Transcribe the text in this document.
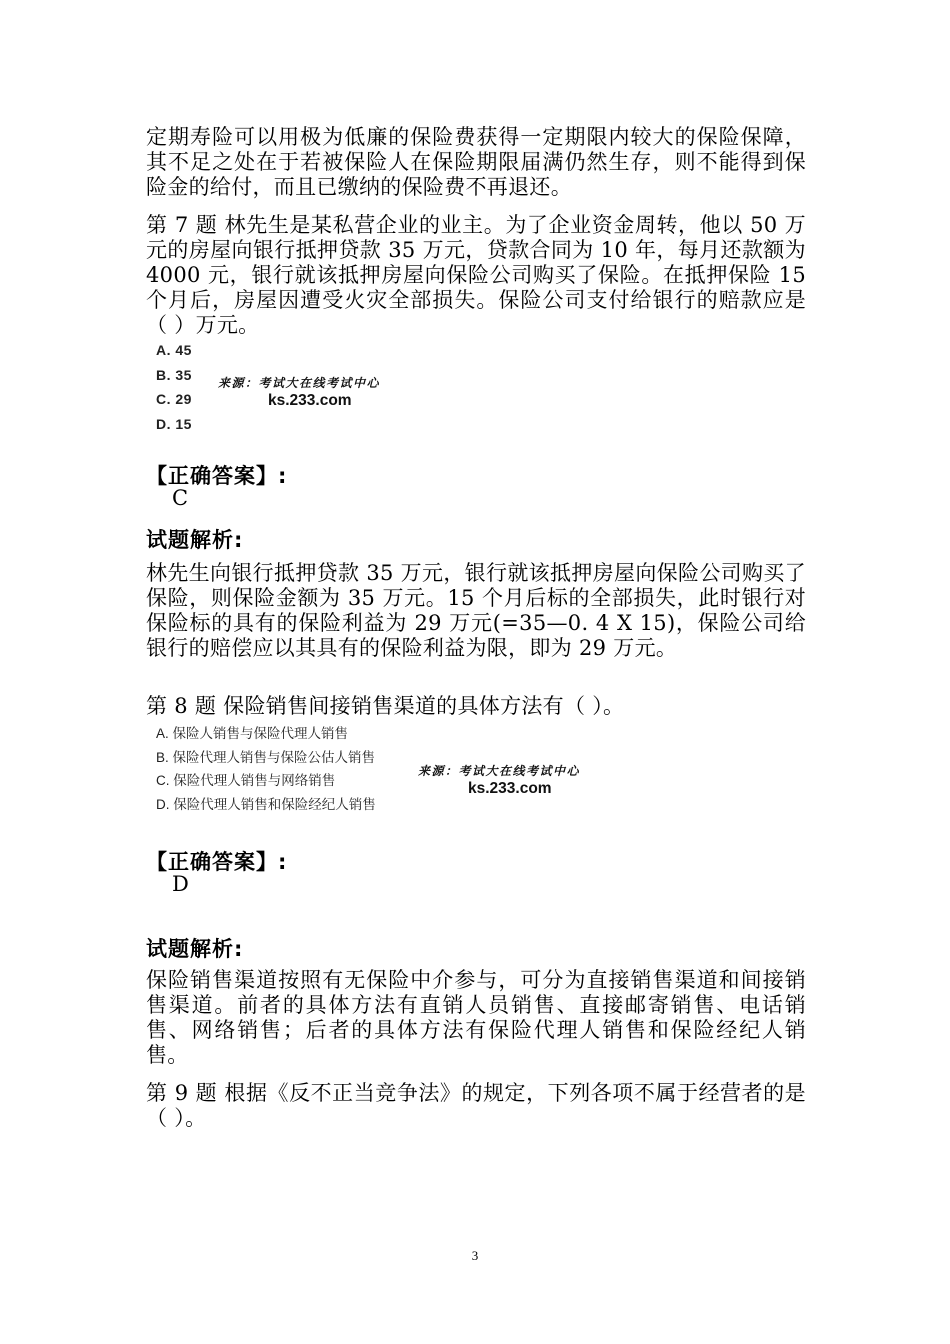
定期寿险可以用极为低廉的保险费获得一定期限内较大的保险保障，其不足之处在于若被保险人在保险期限届满仍然生存，则不能得到保险金的给付，而且已缴纳的保险费不再退还。
第 7 题 林先生是某私营企业的业主。为了企业资金周转，他以 50 万元的房屋向银行抵押贷款 35 万元，贷款合同为 10 年，每月还款额为 4000 元，银行就该抵押房屋向保险公司购买了保险。在抵押保险 15 个月后，房屋因遭受火灾全部损失。保险公司支付给银行的赔款应是（ ）万元。
A. 45
B. 35
C. 29
D. 15
来源：考试大在线考试中心
ks.233.com
【正确答案】:
C
试题解析:
林先生向银行抵押贷款 35 万元，银行就该抵押房屋向保险公司购买了保险，则保险金额为 35 万元。15 个月后标的全部损失，此时银行对保险标的具有的保险利益为 29 万元(=35—0. 4 X 15)，保险公司给银行的赔偿应以其具有的保险利益为限，即为 29 万元。
第 8 题 保险销售间接销售渠道的具体方法有（ ）。
A. 保险人销售与保险代理人销售
B. 保险代理人销售与保险公估人销售
C. 保险代理人销售与网络销售
D. 保险代理人销售和保险经纪人销售
来源：考试大在线考试中心
ks.233.com
【正确答案】:
D
试题解析:
保险销售渠道按照有无保险中介参与，可分为直接销售渠道和间接销售渠道。前者的具体方法有直销人员销售、直接邮寄销售、电话销售、网络销售；后者的具体方法有保险代理人销售和保险经纪人销售。
第 9 题 根据《反不正当竞争法》的规定，下列各项不属于经营者的是（ ）。
3
